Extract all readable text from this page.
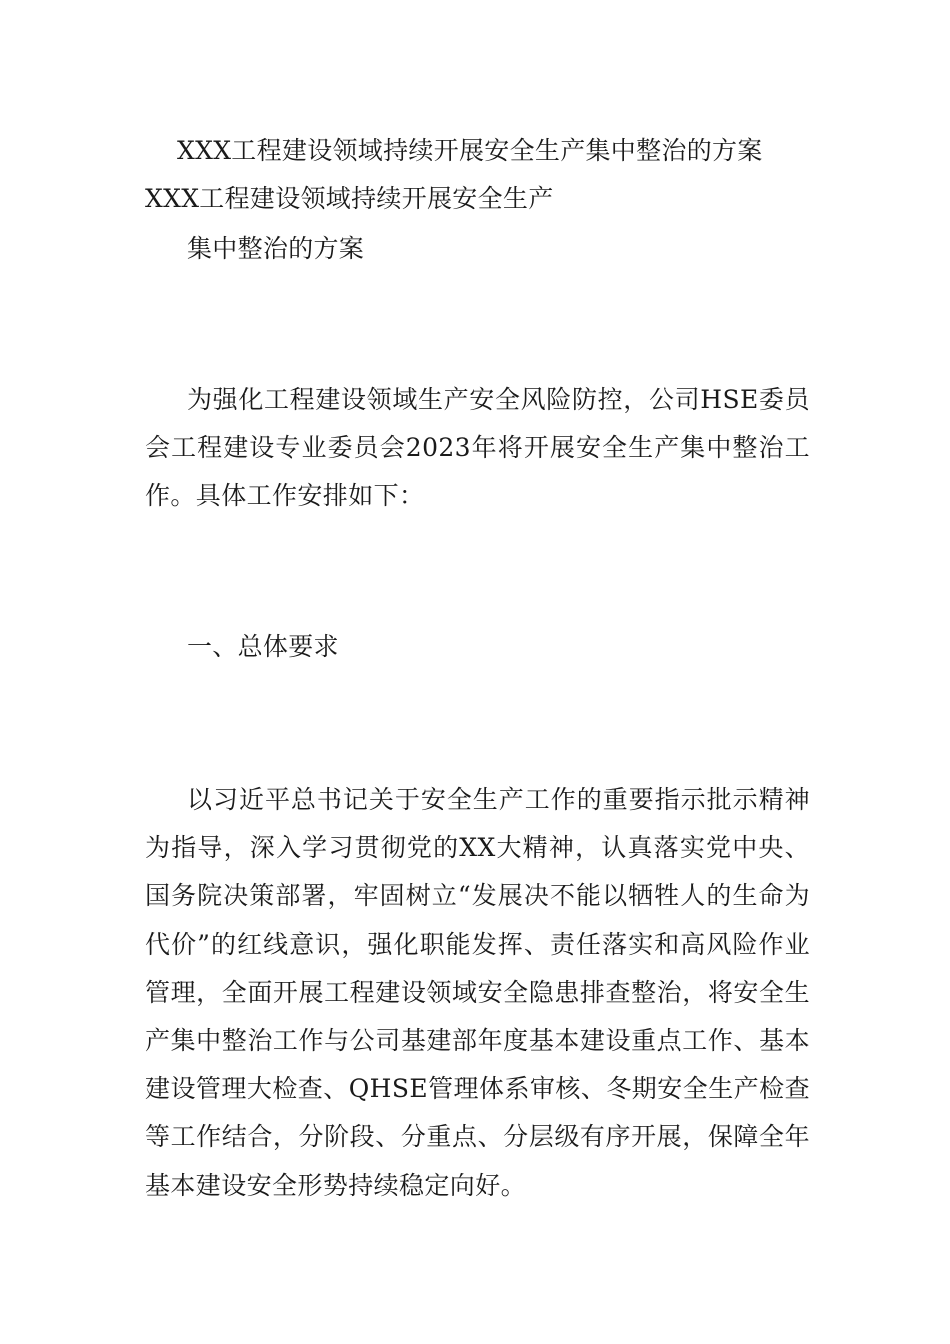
XXX工程建设领域持续开展安全生产集中整治的方案
XXX工程建设领域持续开展安全生产
集中整治的方案

为强化工程建设领域生产安全风险防控，公司HSE委员会工程建设专业委员会2023年将开展安全生产集中整治工作。具体工作安排如下：

一、总体要求

以习近平总书记关于安全生产工作的重要指示批示精神为指导，深入学习贯彻党的XX大精神，认真落实党中央、国务院决策部署，牢固树立“发展决不能以牺牲人的生命为代价”的红线意识，强化职能发挥、责任落实和高风险作业管理，全面开展工程建设领域安全隐患排查整治，将安全生产集中整治工作与公司基建部年度基本建设重点工作、基本建设管理大检查、QHSE管理体系审核、冬期安全生产检查等工作结合，分阶段、分重点、分层级有序开展，保障全年基本建设安全形势持续稳定向好。
